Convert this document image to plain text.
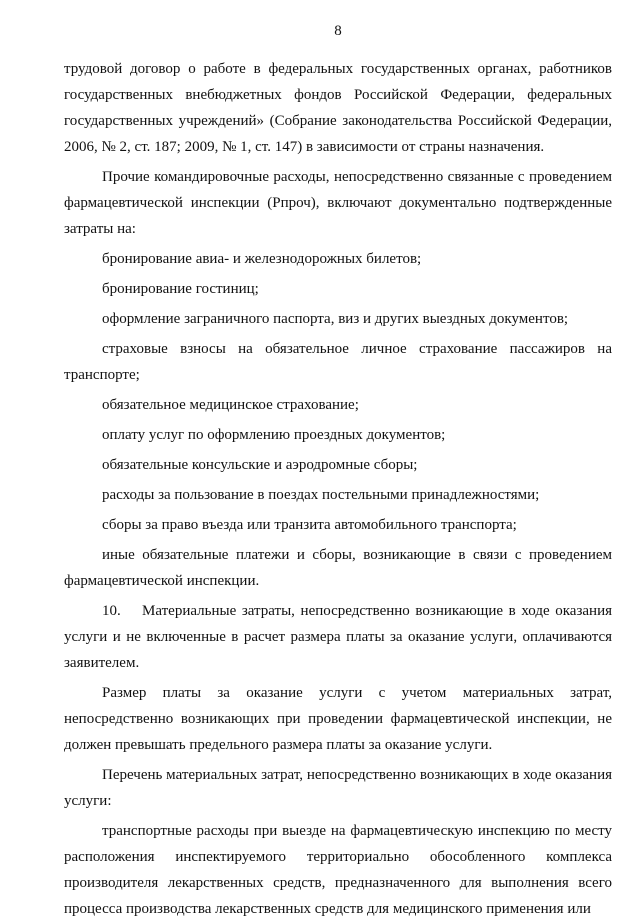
8

трудовой договор о работе в федеральных государственных органах, работников государственных внебюджетных фондов Российской Федерации, федеральных государственных учреждений» (Собрание законодательства Российской Федерации, 2006, № 2, ст. 187; 2009, № 1, ст. 147) в зависимости от страны назначения.

Прочие командировочные расходы, непосредственно связанные с проведением фармацевтической инспекции (Рпроч), включают документально подтвержденные затраты на:

бронирование авиа- и железнодорожных билетов;

бронирование гостиниц;

оформление заграничного паспорта, виз и других выездных документов;

страховые взносы на обязательное личное страхование пассажиров на транспорте;

обязательное медицинское страхование;

оплату услуг по оформлению проездных документов;

обязательные консульские и аэродромные сборы;

расходы за пользование в поездах постельными принадлежностями;

сборы за право въезда или транзита автомобильного транспорта;

иные обязательные платежи и сборы, возникающие в связи с проведением фармацевтической инспекции.

10. Материальные затраты, непосредственно возникающие в ходе оказания услуги и не включенные в расчет размера платы за оказание услуги, оплачиваются заявителем.

Размер платы за оказание услуги с учетом материальных затрат, непосредственно возникающих при проведении фармацевтической инспекции, не должен превышать предельного размера платы за оказание услуги.

Перечень материальных затрат, непосредственно возникающих в ходе оказания услуги:

транспортные расходы при выезде на фармацевтическую инспекцию по месту расположения инспектируемого территориально обособленного комплекса производителя лекарственных средств, предназначенного для выполнения всего процесса производства лекарственных средств для медицинского применения или
